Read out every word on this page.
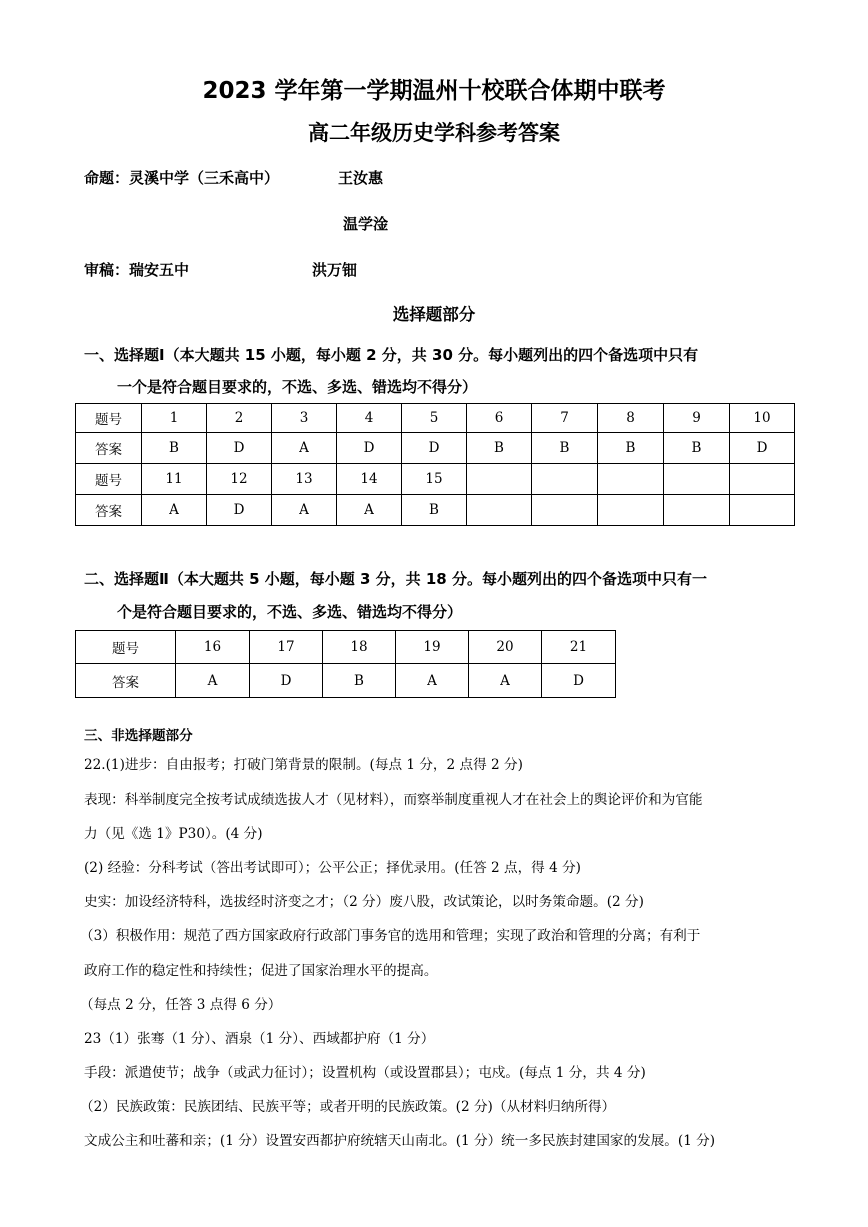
2023 学年第一学期温州十校联合体期中联考
高二年级历史学科参考答案
命题：灵溪中学（三禾高中）	王汝惠
温学淦
审稿：瑞安五中	洪万钿
选择题部分
一、选择题Ⅰ（本大题共 15 小题，每小题 2 分，共 30 分。每小题列出的四个备选项中只有
一个是符合题目要求的，不选、多选、错选均不得分）
题号	1	2	3	4	5	6	7	8	9	10
答案	B	D	A	D	D	B	B	B	B	D
题号	11	12	13	14	15					
答案	A	D	A	A	B					
二、选择题Ⅱ（本大题共 5 小题，每小题 3 分，共 18 分。每小题列出的四个备选项中只有一
个是符合题目要求的，不选、多选、错选均不得分）
题号	16	17	18	19	20	21
答案	A	D	B	A	A	D
三、非选择题部分
22.(1)进步：自由报考；打破门第背景的限制。(每点 1 分，2 点得 2 分)
表现：科举制度完全按考试成绩选拔人才（见材料），而察举制度重视人才在社会上的舆论评价和为官能
力（见《选 1》P30）。(4 分)
(2) 经验：分科考试（答出考试即可）；公平公正；择优录用。(任答 2 点，得 4 分)
史实：加设经济特科，选拔经时济变之才；（2 分）废八股，改试策论，以时务策命题。(2 分)
（3）积极作用：规范了西方国家政府行政部门事务官的选用和管理；实现了政治和管理的分离；有利于
政府工作的稳定性和持续性；促进了国家治理水平的提高。
（每点 2 分，任答 3 点得 6 分）
23（1）张骞（1 分）、酒泉（1 分）、西域都护府（1 分）
手段：派遣使节；战争（或武力征讨）；设置机构（或设置郡县）；屯戍。(每点 1 分，共 4 分)
（2）民族政策：民族团结、民族平等；或者开明的民族政策。(2 分)（从材料归纳所得）
文成公主和吐蕃和亲；(1 分）设置安西都护府统辖天山南北。(1 分）统一多民族封建国家的发展。(1 分)
